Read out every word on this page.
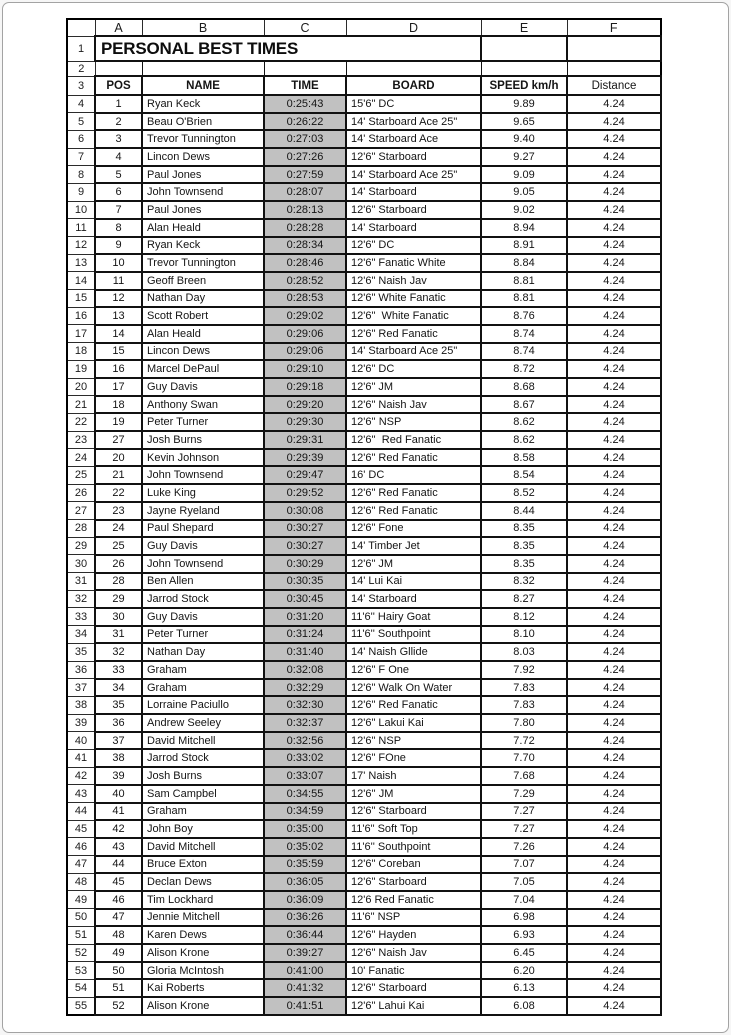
	A	B	C	D	E	F
1	PERSONAL BEST TIMES					
2						
3	POS	NAME	TIME	BOARD	SPEED km/h	Distance
4	1	Ryan Keck	0:25:43	15'6" DC	9.89	4.24
5	2	Beau O'Brien	0:26:22	14' Starboard Ace 25"	9.65	4.24
6	3	Trevor Tunnington	0:27:03	14' Starboard Ace	9.40	4.24
7	4	Lincon Dews	0:27:26	12'6" Starboard	9.27	4.24
8	5	Paul Jones	0:27:59	14' Starboard Ace 25"	9.09	4.24
9	6	John Townsend	0:28:07	14' Starboard	9.05	4.24
10	7	Paul Jones	0:28:13	12'6" Starboard	9.02	4.24
11	8	Alan Heald	0:28:28	14' Starboard	8.94	4.24
12	9	Ryan Keck	0:28:34	12'6" DC	8.91	4.24
13	10	Trevor Tunnington	0:28:46	12'6" Fanatic White	8.84	4.24
14	11	Geoff Breen	0:28:52	12'6" Naish Jav	8.81	4.24
15	12	Nathan Day	0:28:53	12'6" White Fanatic	8.81	4.24
16	13	Scott Robert	0:29:02	12'6"  White Fanatic	8.76	4.24
17	14	Alan Heald	0:29:06	12'6" Red Fanatic	8.74	4.24
18	15	Lincon Dews	0:29:06	14' Starboard Ace 25"	8.74	4.24
19	16	Marcel DePaul	0:29:10	12'6" DC	8.72	4.24
20	17	Guy Davis	0:29:18	12'6" JM	8.68	4.24
21	18	Anthony Swan	0:29:20	12'6" Naish Jav	8.67	4.24
22	19	Peter Turner	0:29:30	12'6'' NSP	8.62	4.24
23	27	Josh Burns	0:29:31	12'6''  Red Fanatic	8.62	4.24
24	20	Kevin Johnson	0:29:39	12'6" Red Fanatic	8.58	4.24
25	21	John Townsend	0:29:47	16' DC	8.54	4.24
26	22	Luke King	0:29:52	12'6" Red Fanatic	8.52	4.24
27	23	Jayne Ryeland	0:30:08	12'6" Red Fanatic	8.44	4.24
28	24	Paul Shepard	0:30:27	12'6" Fone	8.35	4.24
29	25	Guy Davis	0:30:27	14' Timber Jet	8.35	4.24
30	26	John Townsend	0:30:29	12'6" JM	8.35	4.24
31	28	Ben Allen	0:30:35	14' Lui Kai	8.32	4.24
32	29	Jarrod Stock	0:30:45	14' Starboard	8.27	4.24
33	30	Guy Davis	0:31:20	11'6'' Hairy Goat	8.12	4.24
34	31	Peter Turner	0:31:24	11'6'' Southpoint	8.10	4.24
35	32	Nathan Day	0:31:40	14' Naish Gllide	8.03	4.24
36	33	Graham	0:32:08	12'6" F One	7.92	4.24
37	34	Graham	0:32:29	12'6" Walk On Water	7.83	4.24
38	35	Lorraine Paciullo	0:32:30	12'6" Red Fanatic	7.83	4.24
39	36	Andrew Seeley	0:32:37	12'6" Lakui Kai	7.80	4.24
40	37	David Mitchell	0:32:56	12'6" NSP	7.72	4.24
41	38	Jarrod Stock	0:33:02	12'6" FOne	7.70	4.24
42	39	Josh Burns	0:33:07	17' Naish	7.68	4.24
43	40	Sam Campbel	0:34:55	12'6'' JM	7.29	4.24
44	41	Graham	0:34:59	12'6" Starboard	7.27	4.24
45	42	John Boy	0:35:00	11'6" Soft Top	7.27	4.24
46	43	David Mitchell	0:35:02	11'6'' Southpoint	7.26	4.24
47	44	Bruce Exton	0:35:59	12'6" Coreban	7.07	4.24
48	45	Declan Dews	0:36:05	12'6" Starboard	7.05	4.24
49	46	Tim Lockhard	0:36:09	12'6 Red Fanatic	7.04	4.24
50	47	Jennie Mitchell	0:36:26	11'6" NSP	6.98	4.24
51	48	Karen Dews	0:36:44	12'6" Hayden	6.93	4.24
52	49	Alison Krone	0:39:27	12'6" Naish Jav	6.45	4.24
53	50	Gloria McIntosh	0:41:00	10' Fanatic	6.20	4.24
54	51	Kai Roberts	0:41:32	12'6" Starboard	6.13	4.24
55	52	Alison Krone	0:41:51	12'6" Lahui Kai	6.08	4.24
